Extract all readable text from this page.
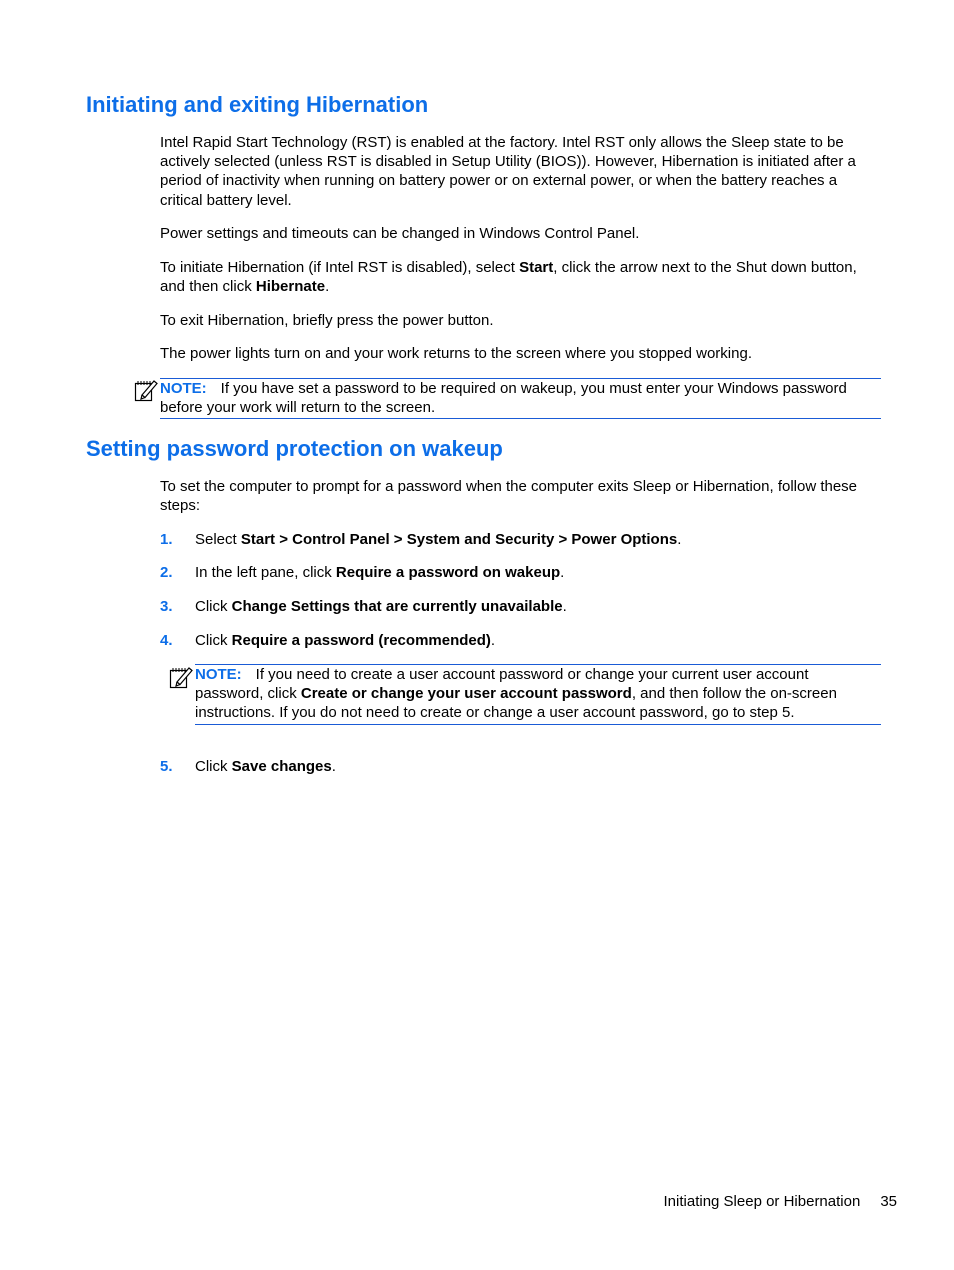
Initiating and exiting Hibernation

Intel Rapid Start Technology (RST) is enabled at the factory. Intel RST only allows the Sleep state to be actively selected (unless RST is disabled in Setup Utility (BIOS)). However, Hibernation is initiated after a period of inactivity when running on battery power or on external power, or when the battery reaches a critical battery level.

Power settings and timeouts can be changed in Windows Control Panel.

To initiate Hibernation (if Intel RST is disabled), select Start, click the arrow next to the Shut down button, and then click Hibernate.

To exit Hibernation, briefly press the power button.

The power lights turn on and your work returns to the screen where you stopped working.

NOTE: If you have set a password to be required on wakeup, you must enter your Windows password before your work will return to the screen.
Setting password protection on wakeup

To set the computer to prompt for a password when the computer exits Sleep or Hibernation, follow these steps:

1. Select Start > Control Panel > System and Security > Power Options.
2. In the left pane, click Require a password on wakeup.
3. Click Change Settings that are currently unavailable.
4. Click Require a password (recommended).
NOTE: If you need to create a user account password or change your current user account password, click Create or change your user account password, and then follow the on-screen instructions. If you do not need to create or change a user account password, go to step 5.
5. Click Save changes.
Initiating Sleep or Hibernation 35
